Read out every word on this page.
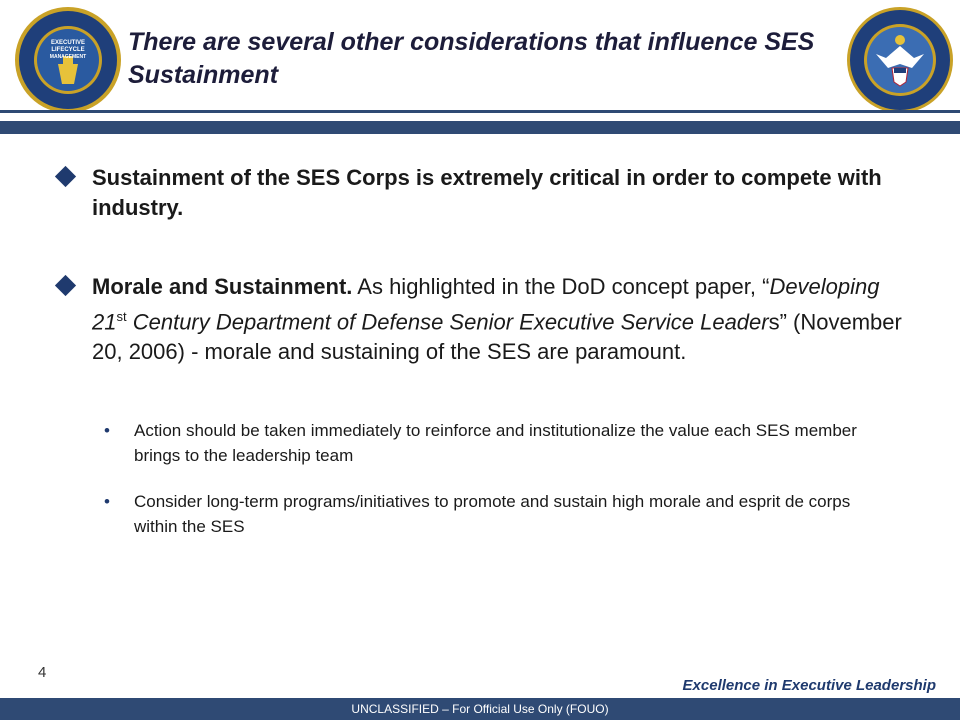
EXECUTIVE
LIFECYCLE
MANAGEMENT
There are several other considerations that influence SES Sustainment
Sustainment of the SES Corps is extremely critical in order to compete with industry.
Morale and Sustainment. As highlighted in the DoD concept paper, “Developing 21st Century Department of Defense Senior Executive Service Leaders” (November 20, 2006) - morale and sustaining of the SES are paramount.
• Action should be taken immediately to reinforce and institutionalize the value each SES member brings to the leadership team
• Consider long-term programs/initiatives to promote and sustain high morale and esprit de corps within the SES
4
Excellence in Executive Leadership
UNCLASSIFIED – For Official Use Only (FOUO)
